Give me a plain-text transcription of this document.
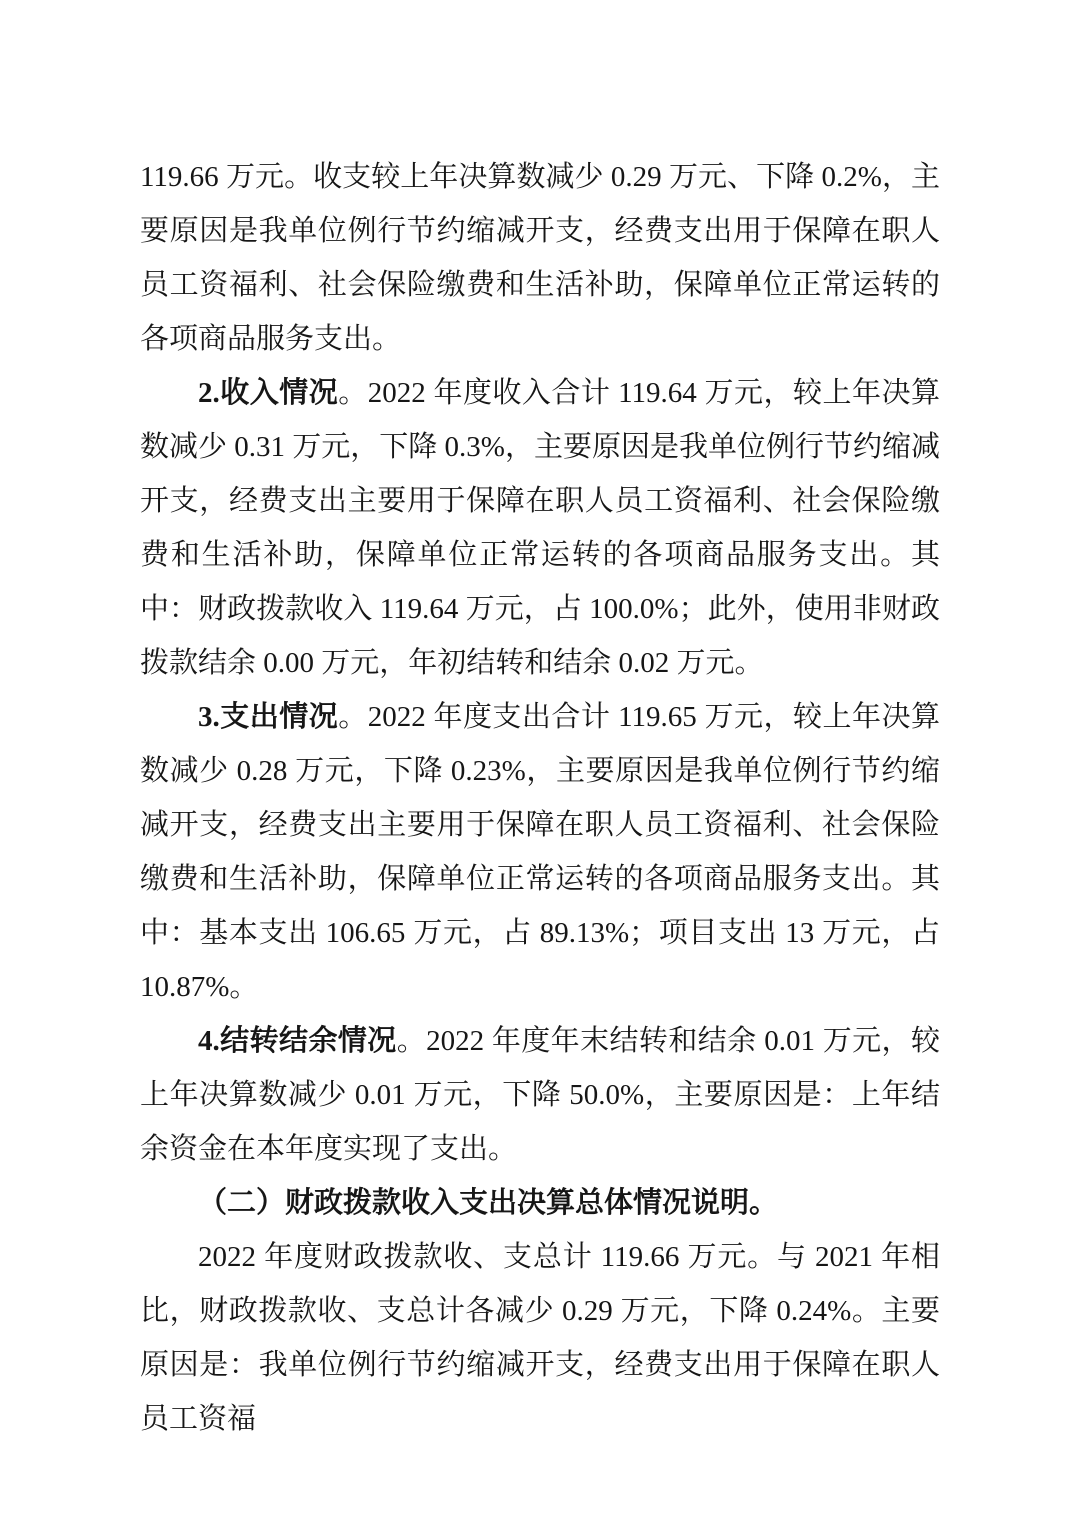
119.66 万元。收支较上年决算数减少 0.29 万元、下降 0.2%，主要原因是我单位例行节约缩减开支，经费支出用于保障在职人员工资福利、社会保险缴费和生活补助，保障单位正常运转的各项商品服务支出。

2.收入情况。2022 年度收入合计 119.64 万元，较上年决算数减少 0.31 万元，下降 0.3%，主要原因是我单位例行节约缩减开支，经费支出主要用于保障在职人员工资福利、社会保险缴费和生活补助，保障单位正常运转的各项商品服务支出。其中：财政拨款收入 119.64 万元，占 100.0%；此外，使用非财政拨款结余 0.00 万元，年初结转和结余 0.02 万元。

3.支出情况。2022 年度支出合计 119.65 万元，较上年决算数减少 0.28 万元，下降 0.23%，主要原因是我单位例行节约缩减开支，经费支出主要用于保障在职人员工资福利、社会保险缴费和生活补助，保障单位正常运转的各项商品服务支出。其中：基本支出 106.65 万元，占 89.13%；项目支出 13 万元，占 10.87%。

4.结转结余情况。2022 年度年末结转和结余 0.01 万元，较上年决算数减少 0.01 万元，下降 50.0%，主要原因是：上年结余资金在本年度实现了支出。

（二）财政拨款收入支出决算总体情况说明。

2022 年度财政拨款收、支总计 119.66 万元。与 2021 年相比，财政拨款收、支总计各减少 0.29 万元，下降 0.24%。主要原因是：我单位例行节约缩减开支，经费支出用于保障在职人员工资福
